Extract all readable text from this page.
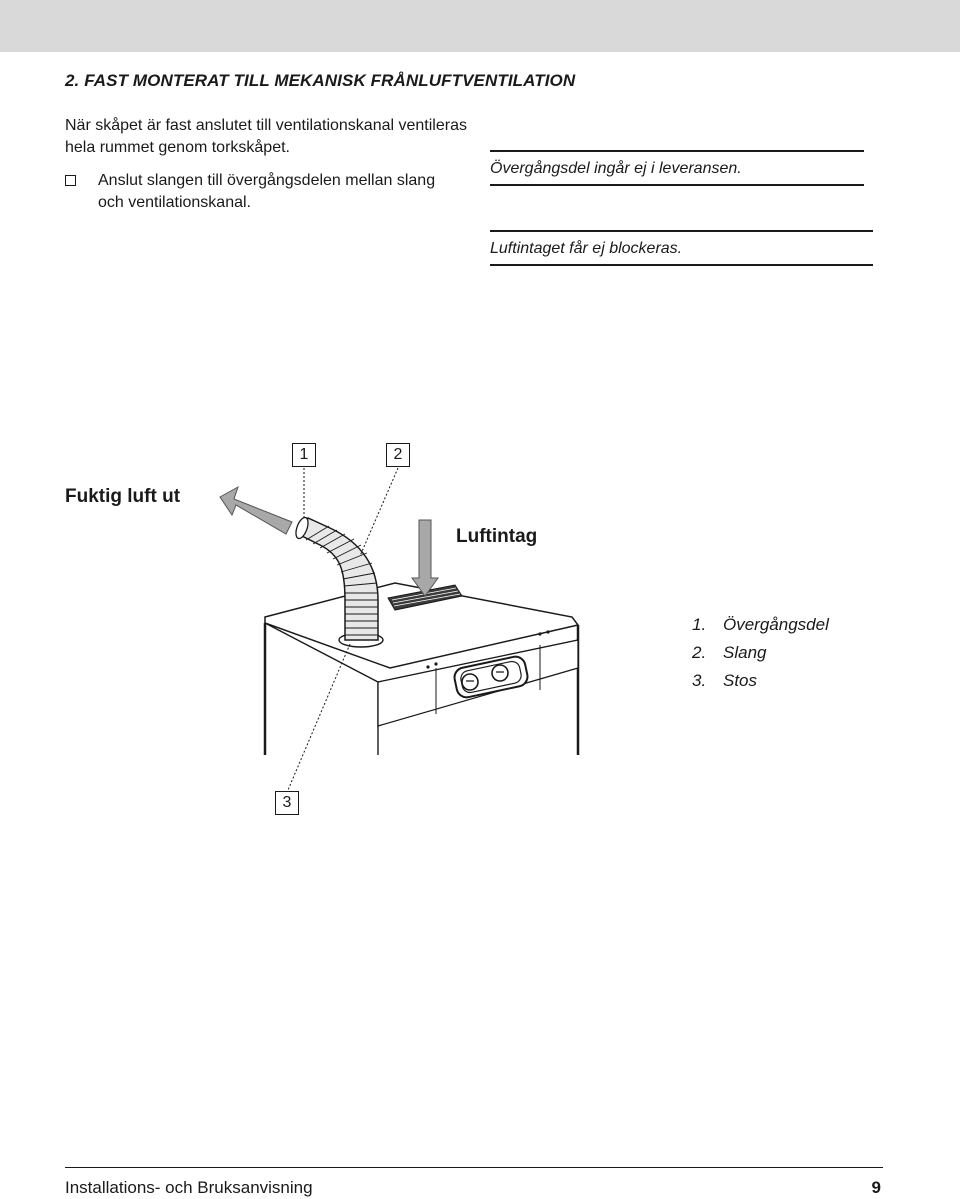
2. FAST MONTERAT TILL MEKANISK FRÅNLUFTVENTILATION

När skåpet är fast anslutet till ventilationskanal ventileras hela rummet genom torkskåpet.

Anslut slangen till övergångsdelen mellan slang och ventilationskanal.
Övergångsdel ingår ej i leveransen.
Luftintaget får ej blockeras.
Fuktig luft ut
Luftintag
1	2
3
1. Övergångsdel
2. Slang
3. Stos
Installations- och Bruksanvisning	9
